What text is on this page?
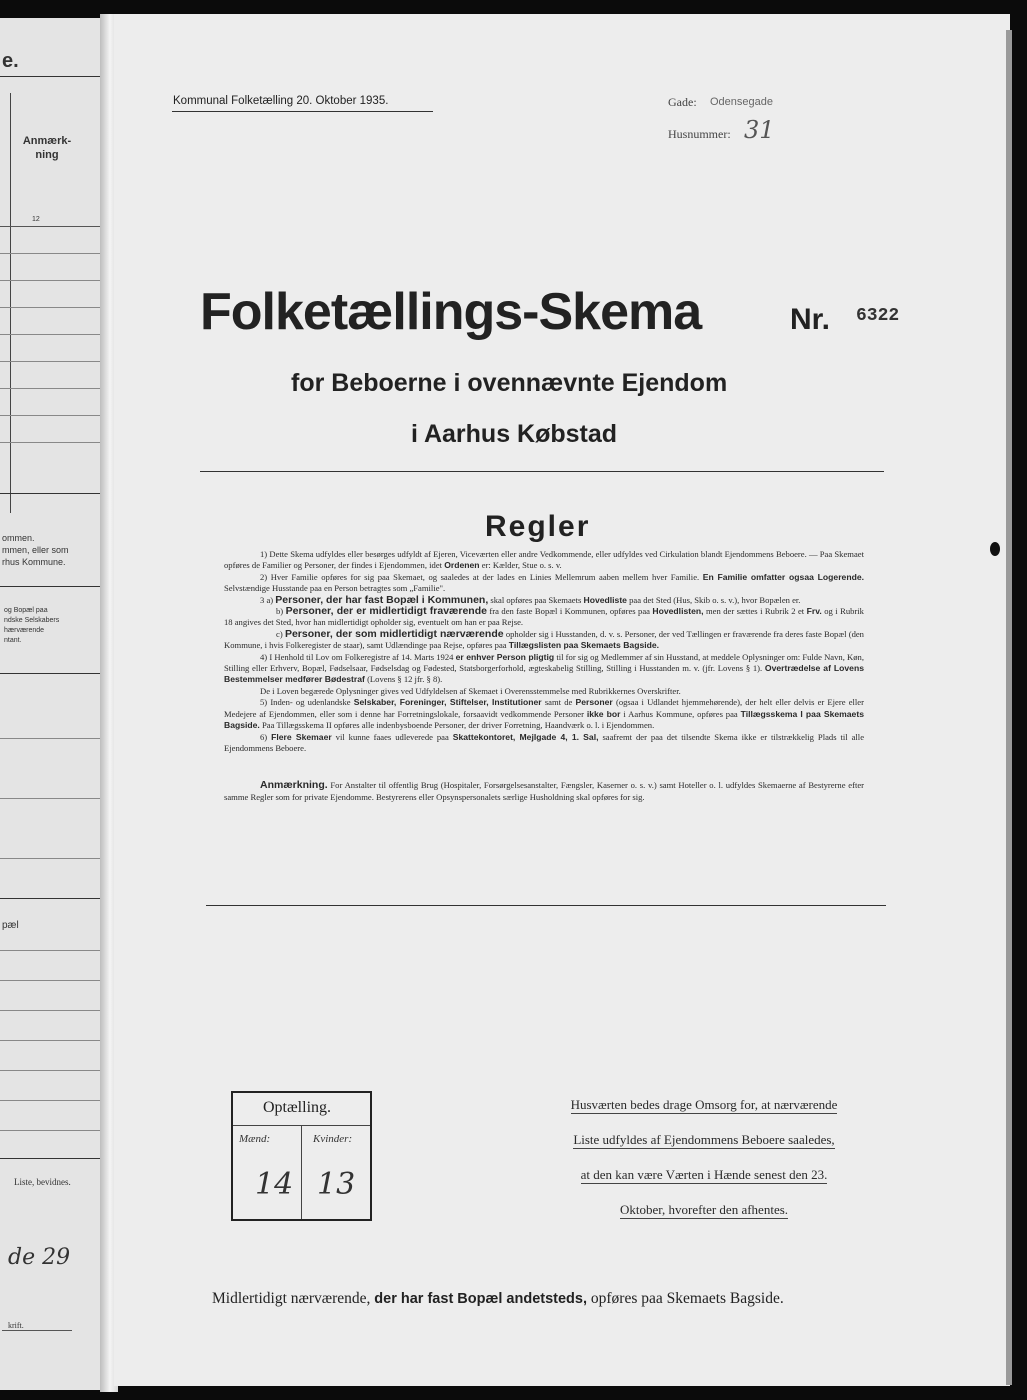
e.
Anmærk-
ning
12
ommen.
mmen, eller som
rhus Kommune.
og Bopæl paa
ndske Selskabers
hærværende
ntant.
pæl
Liste, bevidnes.
de 29
krift.
Kommunal Folketælling 20. Oktober 1935.	Gade: Odensegade
Husnummer: 31
Folketællings-Skema	Nr. 6322
for Beboerne i ovennævnte Ejendom
i Aarhus Købstad
Regler

1) Dette Skema udfyldes eller besørges udfyldt af Ejeren, Viceværten eller andre Vedkommende, eller udfyldes ved Cirkulation blandt Ejendommens Beboere. — Paa Skemaet opføres de Familier og Personer, der findes i Ejendommen, idet Ordenen er: Kælder, Stue o. s. v.

2) Hver Familie opføres for sig paa Skemaet, og saaledes at der lades en Linies Mellemrum aaben mellem hver Familie. En Familie omfatter ogsaa Logerende. Selvstændige Husstande paa en Person betragtes som „Familie".

3 a) Personer, der har fast Bopæl i Kommunen, skal opføres paa Skemaets Hovedliste paa det Sted (Hus, Skib o. s. v.), hvor Bopælen er.

b) Personer, der er midlertidigt fraværende fra den faste Bopæl i Kommunen, opføres paa Hovedlisten, men der sættes i Rubrik 2 et Frv. og i Rubrik 18 angives det Sted, hvor han midlertidigt opholder sig, eventuelt om han er paa Rejse.

c) Personer, der som midlertidigt nærværende opholder sig i Husstanden, d. v. s. Personer, der ved Tællingen er fraværende fra deres faste Bopæl (den Kommune, i hvis Folkeregister de staar), samt Udlændinge paa Rejse, opføres paa Tillægslisten paa Skemaets Bagside.

4) I Henhold til Lov om Folkeregistre af 14. Marts 1924 er enhver Person pligtig til for sig og Medlemmer af sin Husstand, at meddele Oplysninger om: Fulde Navn, Køn, Stilling eller Erhverv, Bopæl, Fødselsaar, Fødselsdag og Fødested, Statsborgerforhold, ægteskabelig Stilling, Stilling i Husstanden m. v. (jfr. Lovens § 1). Overtrædelse af Lovens Bestemmelser medfører Bødestraf (Lovens § 12 jfr. § 8).

De i Loven begærede Oplysninger gives ved Udfyldelsen af Skemaet i Overensstemmelse med Rubrikkernes Overskrifter.

5) Inden- og udenlandske Selskaber, Foreninger, Stiftelser, Institutioner samt de Personer (ogsaa i Udlandet hjemmehørende), der helt eller delvis er Ejere eller Medejere af Ejendommen, eller som i denne har Forretningslokale, forsaavidt vedkommende Personer ikke bor i Aarhus Kommune, opføres paa Tillægsskema I paa Skemaets Bagside. Paa Tillægsskema II opføres alle indenbysboende Personer, der driver Forretning, Haandværk o. l. i Ejendommen.

6) Flere Skemaer vil kunne faaes udleverede paa Skattekontoret, Mejlgade 4, 1. Sal, saafremt der paa det tilsendte Skema ikke er tilstrækkelig Plads til alle Ejendommens Beboere.

Anmærkning. For Anstalter til offentlig Brug (Hospitaler, Forsørgelsesanstalter, Fængsler, Kaserner o. s. v.) samt Hoteller o. l. udfyldes Skemaerne af Bestyrerne efter samme Regler som for private Ejendomme. Bestyrerens eller Opsynspersonalets særlige Husholdning skal opføres for sig.

Optælling.
Mænd:	Kvinder:
14 13
Husværten bedes drage Omsorg for, at nærværende
Liste udfyldes af Ejendommens Beboere saaledes,
at den kan være Værten i Hænde senest den 23.
Oktober, hvorefter den afhentes.
Midlertidigt nærværende, der har fast Bopæl andetsteds, opføres paa Skemaets Bagside.
